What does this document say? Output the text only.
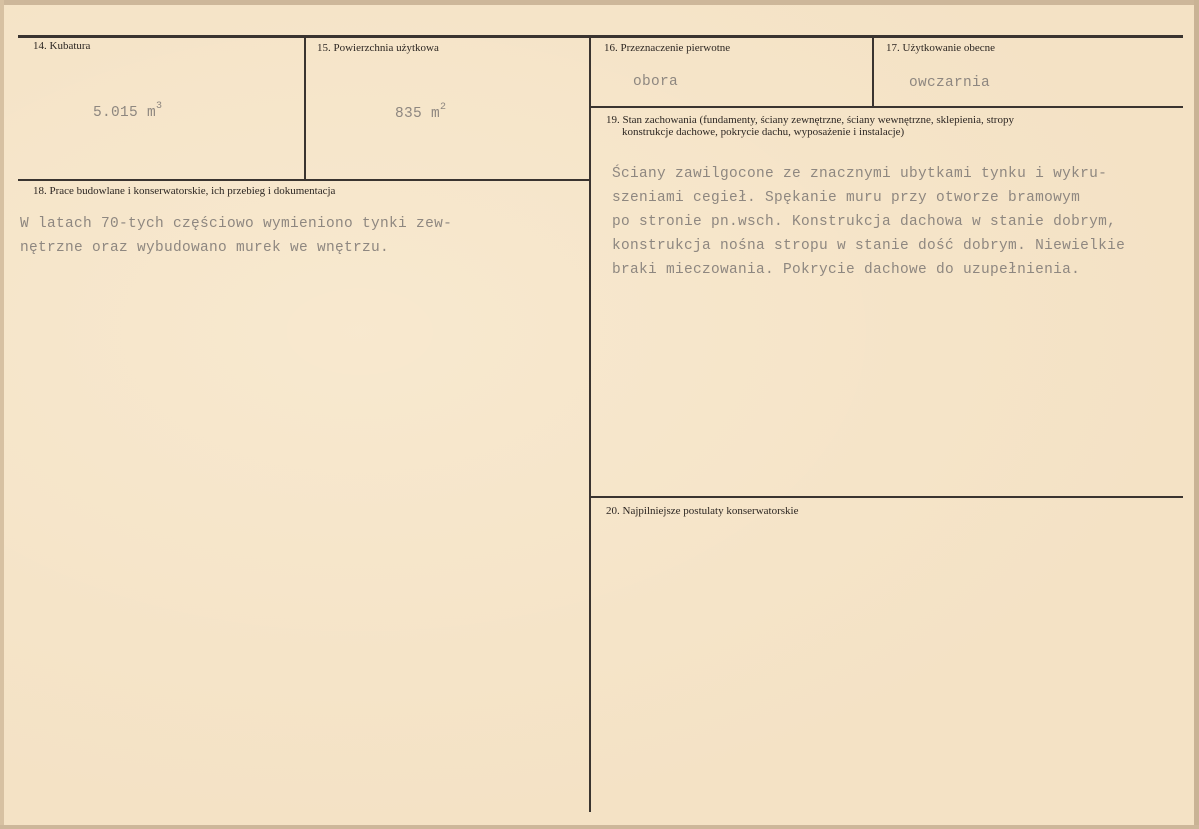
14. Kubatura
5.015 $m^3$
15. Powierzchnia użytkowa
835 $m^2$
16. Przeznaczenie pierwotne
obora
17. Użytkowanie obecne
owczarnia
19. Stan zachowania (fundamenty, ściany zewnętrzne, ściany wewnętrzne, sklepienia, stropy
konstrukcje dachowe, pokrycie dachu, wyposażenie i instalacje)
Ściany zawilgocone ze znacznymi ubytkami tynku i wykru-
szeniami cegieł. Spękanie muru przy otworze bramowym
po stronie pn.wsch. Konstrukcja dachowa w stanie dobrym,
konstrukcja nośna stropu w stanie dość dobrym. Niewielkie
braki mieczowania. Pokrycie dachowe do uzupełnienia.
18. Prace budowlane i konserwatorskie, ich przebieg i dokumentacja
W latach 70-tych częściowo wymieniono tynki zew-
nętrzne oraz wybudowano murek we wnętrzu.
20. Najpilniejsze postulaty konserwatorskie
